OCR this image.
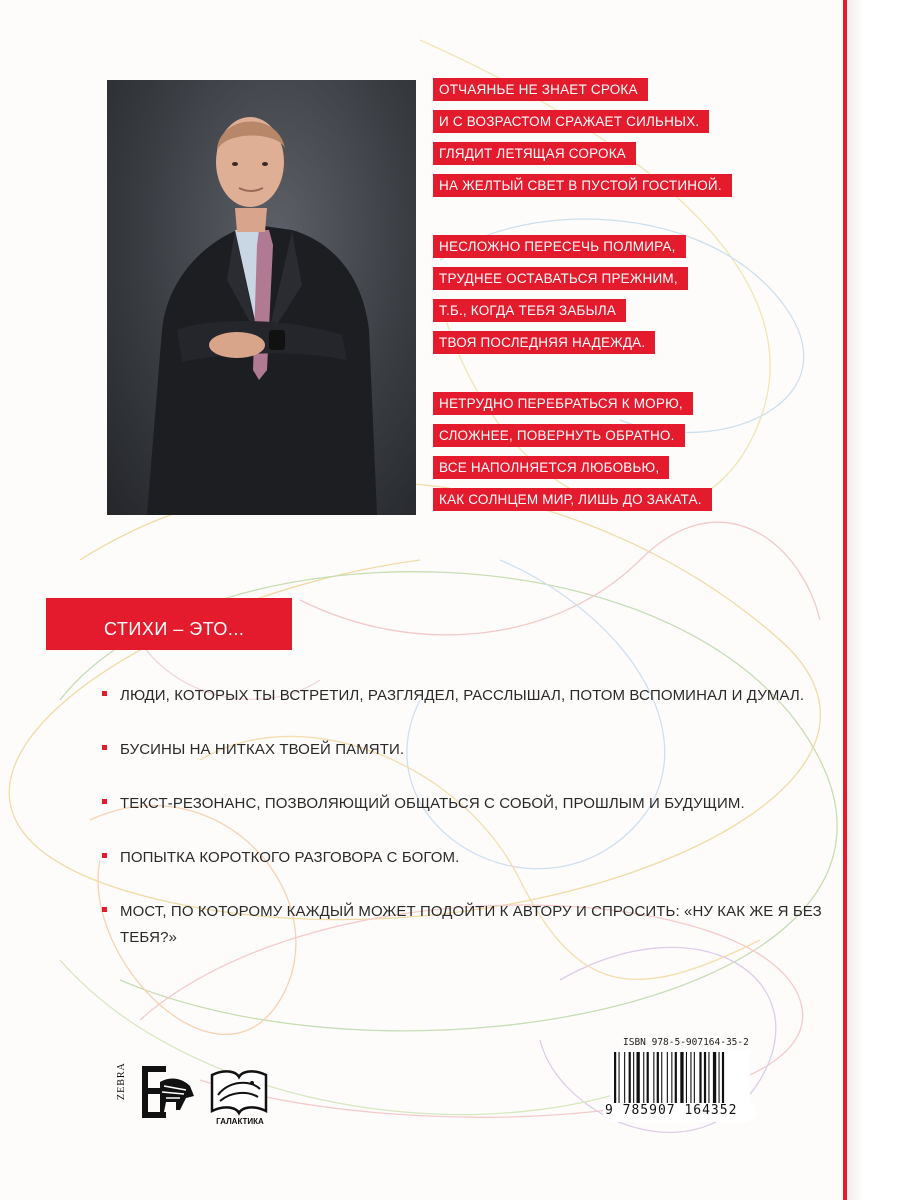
ОТЧАЯНЬЕ НЕ ЗНАЕТ СРОКА
И С ВОЗРАСТОМ СРАЖАЕТ СИЛЬНЫХ.
ГЛЯДИТ ЛЕТЯЩАЯ СОРОКА
НА ЖЕЛТЫЙ СВЕТ В ПУСТОЙ ГОСТИНОЙ.
НЕСЛОЖНО ПЕРЕСЕЧЬ ПОЛМИРА,
ТРУДНЕЕ ОСТАВАТЬСЯ ПРЕЖНИМ,
Т.Б., КОГДА ТЕБЯ ЗАБЫЛА
ТВОЯ ПОСЛЕДНЯЯ НАДЕЖДА.
НЕТРУДНО ПЕРЕБРАТЬСЯ К МОРЮ,
СЛОЖНЕЕ, ПОВЕРНУТЬ ОБРАТНО.
ВСЕ НАПОЛНЯЕТСЯ ЛЮБОВЬЮ,
КАК СОЛНЦЕМ МИР, ЛИШЬ ДО ЗАКАТА.
СТИХИ – ЭТО...
ЛЮДИ, КОТОРЫХ ТЫ ВСТРЕТИЛ, РАЗГЛЯДЕЛ, РАССЛЫШАЛ, ПОТОМ ВСПОМИНАЛ И ДУМАЛ.
БУСИНЫ НА НИТКАХ ТВОЕЙ ПАМЯТИ.
ТЕКСТ-РЕЗОНАНС, ПОЗВОЛЯЮЩИЙ ОБЩАТЬСЯ С СОБОЙ, ПРОШЛЫМ И БУДУЩИМ.
ПОПЫТКА КОРОТКОГО РАЗГОВОРА С БОГОМ.
МОСТ, ПО КОТОРОМУ КАЖДЫЙ МОЖЕТ ПОДОЙТИ К АВТОРУ И СПРОСИТЬ: «НУ КАК ЖЕ Я БЕЗ ТЕБЯ?»
ZEBRA
ГАЛАКТИКА
ISBN 978-5-907164-35-2
9 785907 164352
